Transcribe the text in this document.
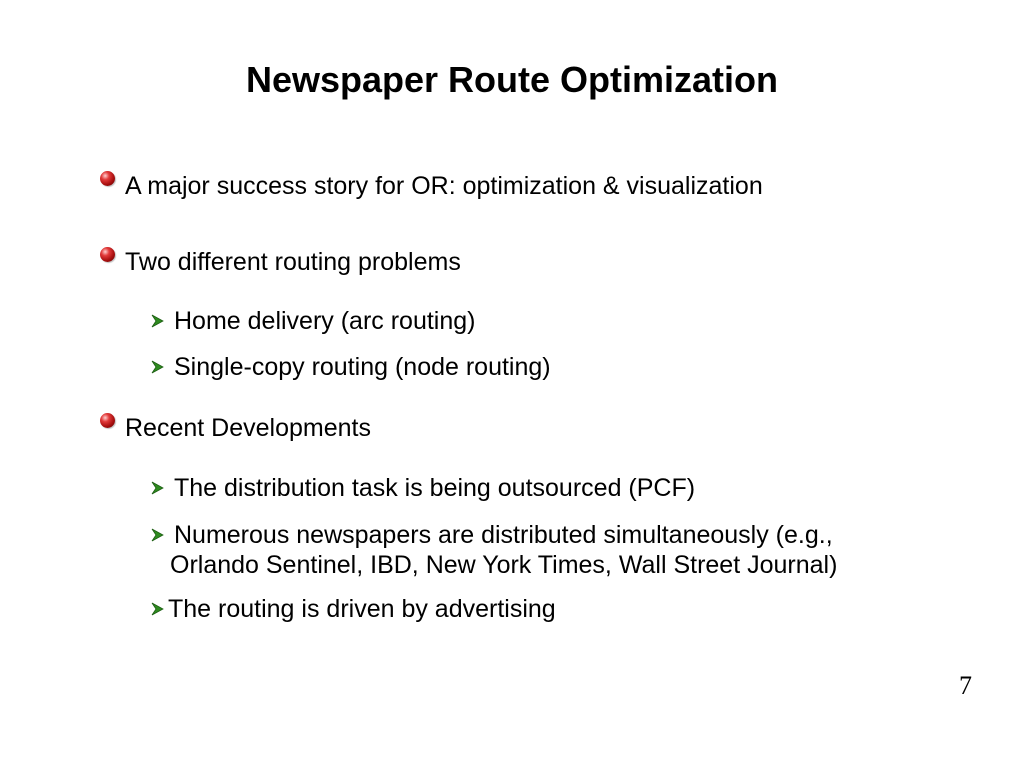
Newspaper Route Optimization
A major success story for OR: optimization & visualization
Two different routing problems
Home delivery (arc routing)
Single-copy routing (node routing)
Recent Developments
The distribution task is being outsourced (PCF)
Numerous newspapers are distributed simultaneously (e.g.,
Orlando Sentinel, IBD, New York Times, Wall Street Journal)
The routing is driven by advertising
7
